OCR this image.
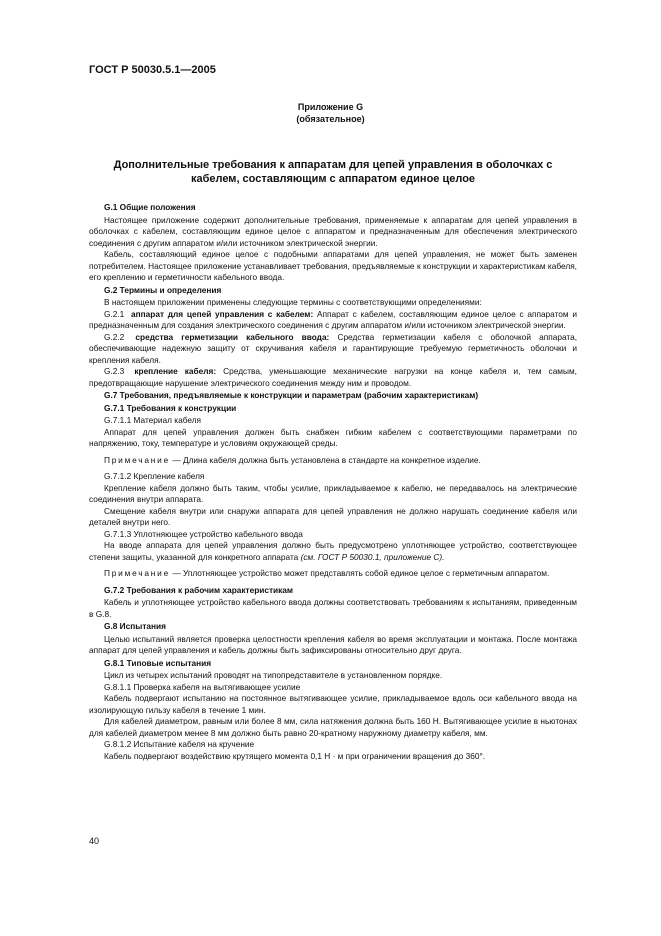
ГОСТ Р 50030.5.1—2005

Приложение G
(обязательное)
Дополнительные требования к аппаратам для цепей управления в оболочках с кабелем, составляющим с аппаратом единое целое
G.1 Общие положения

Настоящее приложение содержит дополнительные требования, применяемые к аппаратам для цепей управления в оболочках с кабелем, составляющим единое целое с аппаратом и предназначенным для обеспечения электрического соединения с другим аппаратом и/или источником электрической энергии.

Кабель, составляющий единое целое с подобными аппаратами для цепей управления, не может быть заменен потребителем. Настоящее приложение устанавливает требования, предъявляемые к конструкции и характеристикам кабеля, его креплению и герметичности кабельного ввода.

G.2 Термины и определения

В настоящем приложении применены следующие термины с соответствующими определениями:

G.2.1 аппарат для цепей управления с кабелем: Аппарат с кабелем, составляющим единое целое с аппаратом и предназначенным для создания электрического соединения с другим аппаратом и/или источником электрической энергии.

G.2.2 средства герметизации кабельного ввода: Средства герметизации кабеля с оболочкой аппарата, обеспечивающие надежную защиту от скручивания кабеля и гарантирующие требуемую герметичность оболочки и крепления кабеля.

G.2.3 крепление кабеля: Средства, уменьшающие механические нагрузки на конце кабеля и, тем самым, предотвращающие нарушение электрического соединения между ним и проводом.

G.7 Требования, предъявляемые к конструкции и параметрам (рабочим характеристикам)
G.7.1 Требования к конструкции

G.7.1.1 Материал кабеля

Аппарат для цепей управления должен быть снабжен гибким кабелем с соответствующими параметрами по напряжению, току, температуре и условиям окружающей среды.

Примечание — Длина кабеля должна быть установлена в стандарте на конкретное изделие.

G.7.1.2 Крепление кабеля

Крепление кабеля должно быть таким, чтобы усилие, прикладываемое к кабелю, не передавалось на электрические соединения внутри аппарата.

Смещение кабеля внутри или снаружи аппарата для цепей управления не должно нарушать соединение кабеля или деталей внутри него.

G.7.1.3 Уплотняющее устройство кабельного ввода

На вводе аппарата для цепей управления должно быть предусмотрено уплотняющее устройство, соответствующее степени защиты, указанной для конкретного аппарата (см. ГОСТ Р 50030.1, приложение С).

Примечание — Уплотняющее устройство может представлять собой единое целое с герметичным аппаратом.

G.7.2 Требования к рабочим характеристикам

Кабель и уплотняющее устройство кабельного ввода должны соответствовать требованиям к испытаниям, приведенным в G.8.

G.8 Испытания

Целью испытаний является проверка целостности крепления кабеля во время эксплуатации и монтажа. После монтажа аппарат для цепей управления и кабель должны быть зафиксированы относительно друг друга.

G.8.1 Типовые испытания

Цикл из четырех испытаний проводят на типопредставителе в установленном порядке.

G.8.1.1 Проверка кабеля на вытягивающее усилие

Кабель подвергают испытанию на постоянное вытягивающее усилие, прикладываемое вдоль оси кабельного ввода на изолирующую гильзу кабеля в течение 1 мин.

Для кабелей диаметром, равным или более 8 мм, сила натяжения должна быть 160 Н. Вытягивающее усилие в ньютонах для кабелей диаметром менее 8 мм должно быть равно 20-кратному наружному диаметру кабеля, мм.

G.8.1.2 Испытание кабеля на кручение

Кабель подвергают воздействию крутящего момента 0,1 Н · м при ограничении вращения до 360°.

40
